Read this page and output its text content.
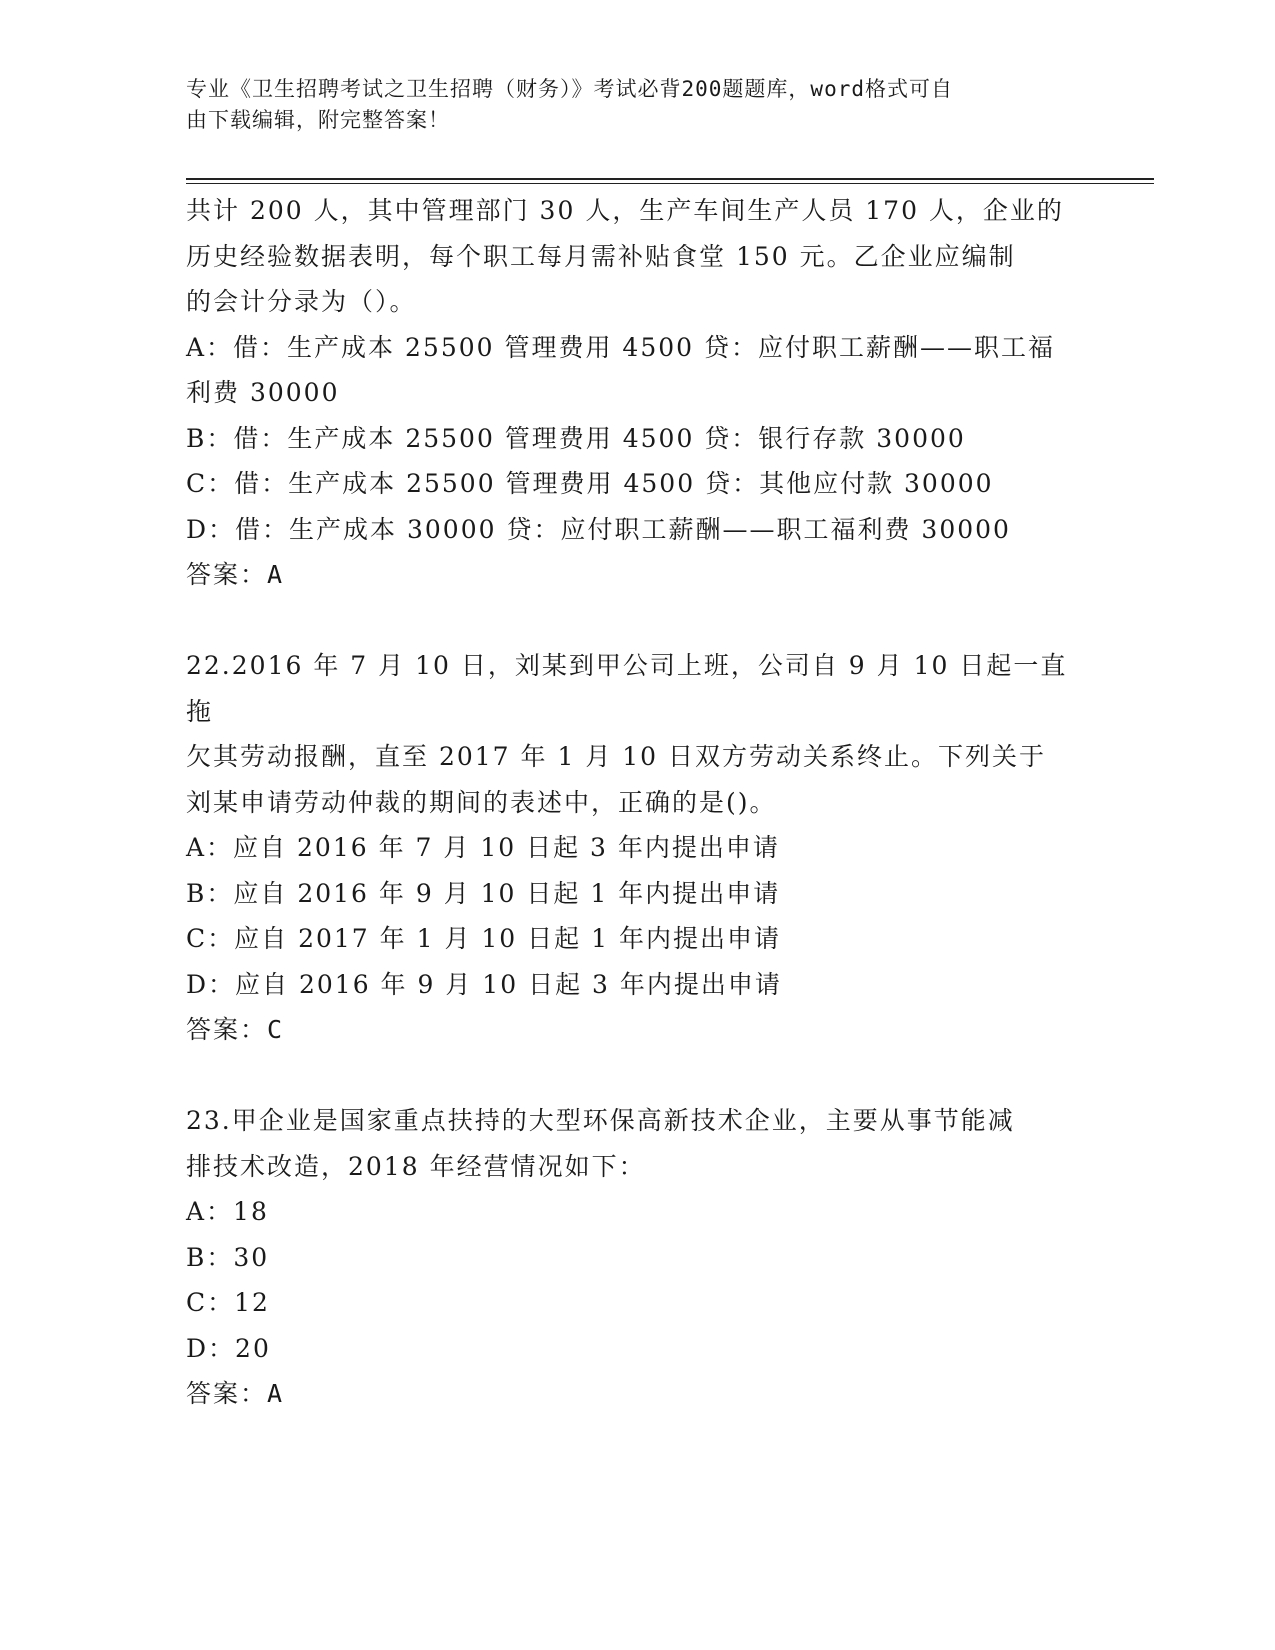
专业《卫生招聘考试之卫生招聘（财务）》考试必背200题题库，word格式可自
由下载编辑，附完整答案！

共计 200 人，其中管理部门 30 人，生产车间生产人员 170 人，企业的

历史经验数据表明，每个职工每月需补贴食堂 150 元。乙企业应编制

的会计分录为（）。

A：借：生产成本 25500 管理费用 4500 贷：应付职工薪酬——职工福

利费 30000

B：借：生产成本 25500 管理费用 4500 贷：银行存款 30000

C：借：生产成本 25500 管理费用 4500 贷：其他应付款 30000

D：借：生产成本 30000 贷：应付职工薪酬——职工福利费 30000

答案：A

22.2016 年 7 月 10 日，刘某到甲公司上班，公司自 9 月 10 日起一直拖

欠其劳动报酬，直至 2017 年 1 月 10 日双方劳动关系终止。下列关于

刘某申请劳动仲裁的期间的表述中，正确的是()。

A：应自 2016 年 7 月 10 日起 3 年内提出申请

B：应自 2016 年 9 月 10 日起 1 年内提出申请

C：应自 2017 年 1 月 10 日起 1 年内提出申请

D：应自 2016 年 9 月 10 日起 3 年内提出申请

答案：C

23.甲企业是国家重点扶持的大型环保高新技术企业，主要从事节能减

排技术改造，2018 年经营情况如下：

A：18

B：30

C：12

D：20

答案：A
